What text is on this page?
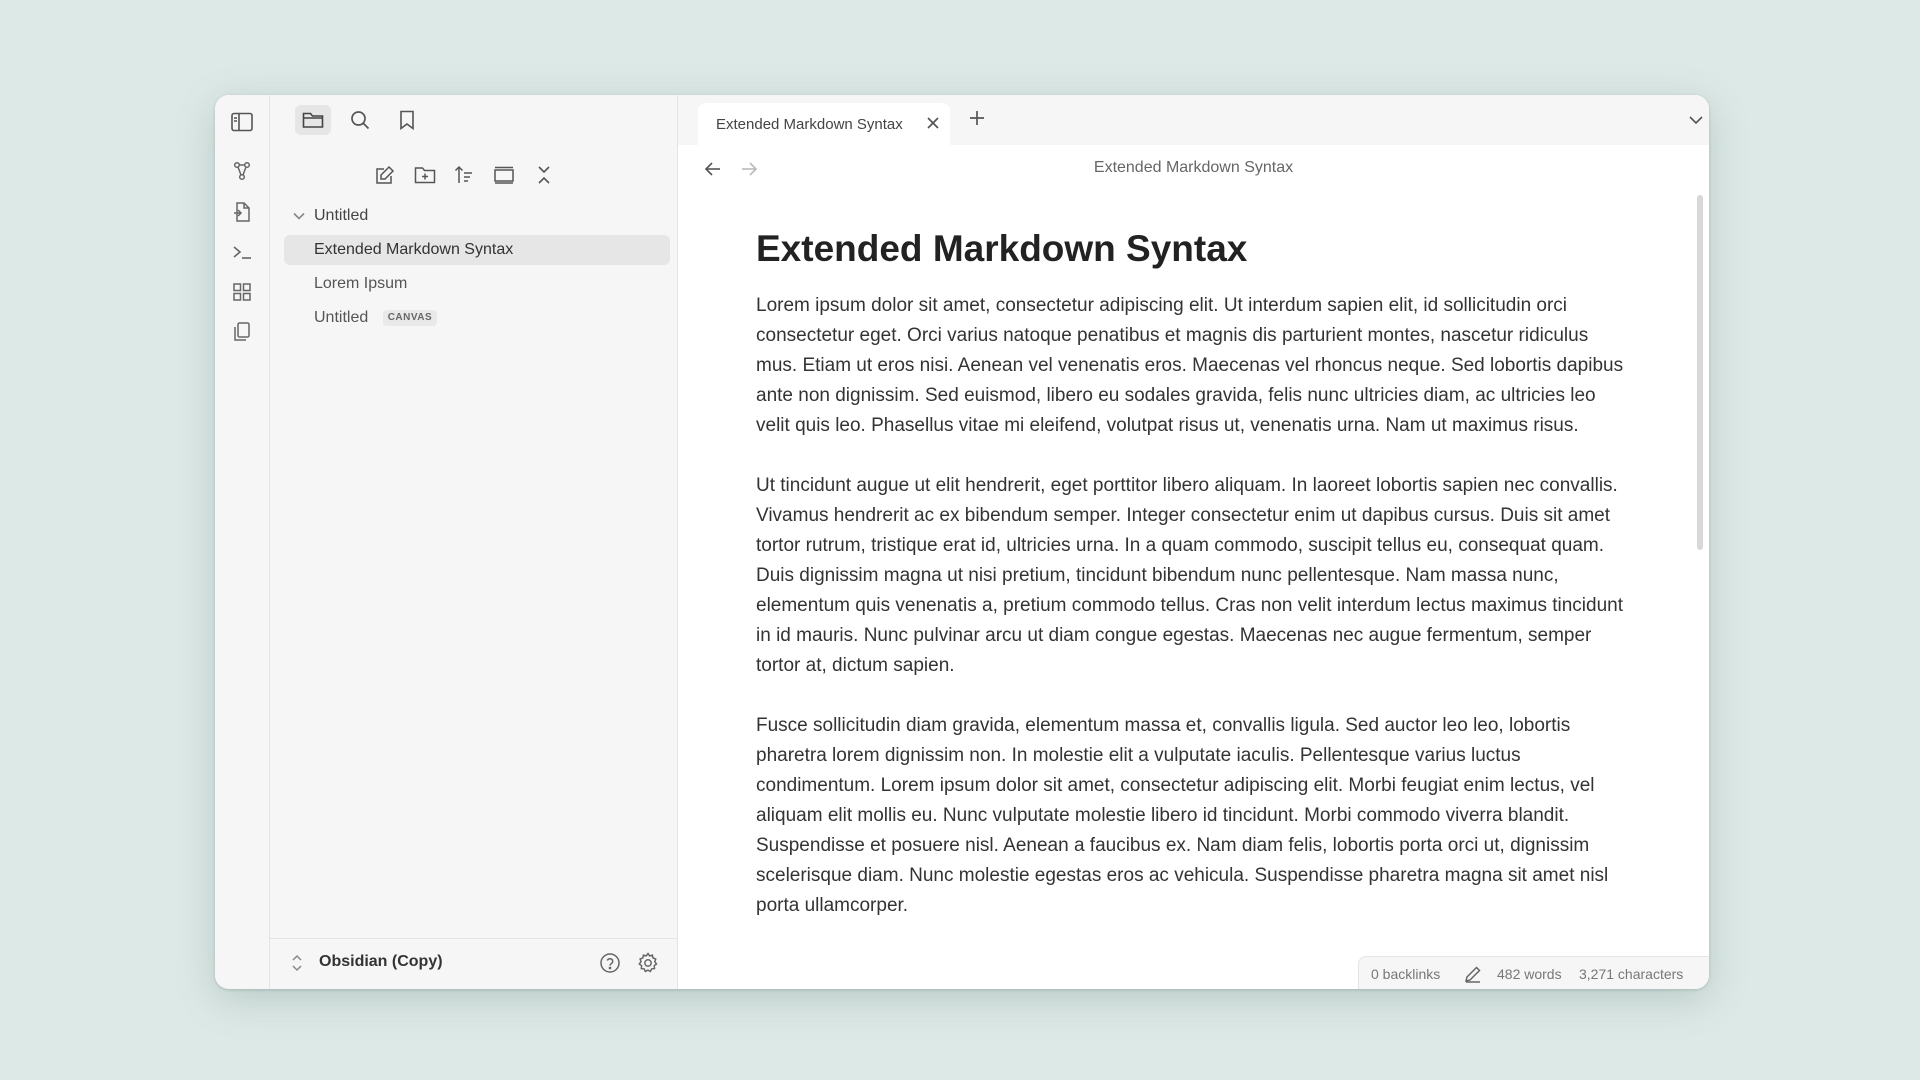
Untitled
Extended Markdown Syntax
Lorem Ipsum
Untitled CANVAS
Obsidian (Copy)
Extended Markdown Syntax
Extended Markdown Syntax
Extended Markdown Syntax

Lorem ipsum dolor sit amet, consectetur adipiscing elit. Ut interdum sapien elit, id sollicitudin orci consectetur eget. Orci varius natoque penatibus et magnis dis parturient montes, nascetur ridiculus mus. Etiam ut eros nisi. Aenean vel venenatis eros. Maecenas vel rhoncus neque. Sed lobortis dapibus ante non dignissim. Sed euismod, libero eu sodales gravida, felis nunc ultricies diam, ac ultricies leo velit quis leo. Phasellus vitae mi eleifend, volutpat risus ut, venenatis urna. Nam ut maximus risus.

Ut tincidunt augue ut elit hendrerit, eget porttitor libero aliquam. In laoreet lobortis sapien nec convallis. Vivamus hendrerit ac ex bibendum semper. Integer consectetur enim ut dapibus cursus. Duis sit amet tortor rutrum, tristique erat id, ultricies urna. In a quam commodo, suscipit tellus eu, consequat quam. Duis dignissim magna ut nisi pretium, tincidunt bibendum nunc pellentesque. Nam massa nunc, elementum quis venenatis a, pretium commodo tellus. Cras non velit interdum lectus maximus tincidunt in id mauris. Nunc pulvinar arcu ut diam congue egestas. Maecenas nec augue fermentum, semper tortor at, dictum sapien.

Fusce sollicitudin diam gravida, elementum massa et, convallis ligula. Sed auctor leo leo, lobortis pharetra lorem dignissim non. In molestie elit a vulputate iaculis. Pellentesque varius luctus condimentum. Lorem ipsum dolor sit amet, consectetur adipiscing elit. Morbi feugiat enim lectus, vel aliquam elit mollis eu. Nunc vulputate molestie libero id tincidunt. Morbi commodo viverra blandit. Suspendisse et posuere nisl. Aenean a faucibus ex. Nam diam felis, lobortis porta orci ut, dignissim scelerisque diam. Nunc molestie egestas eros ac vehicula. Suspendisse pharetra magna sit amet nisl porta ullamcorper.

0 backlinks	482 words 3,271 characters
